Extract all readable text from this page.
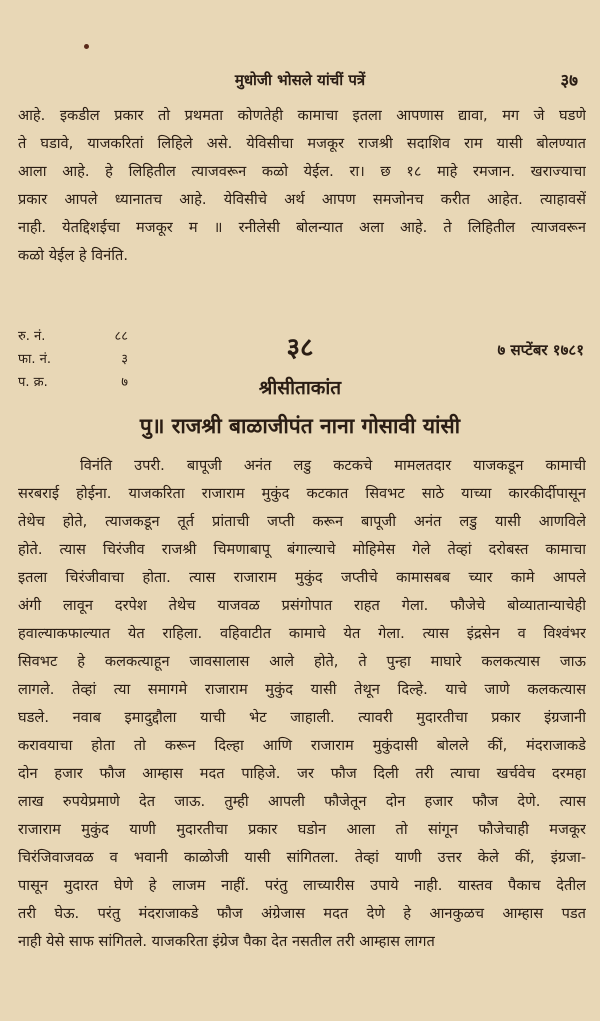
मुधोजी भोसले यांचीं पत्रें	३७
आहे. इकडील प्रकार तो प्रथमता कोणतेही कामाचा इतला आपणास द्यावा, मग जे घडणे
ते घडावे, याजकरितां लिहिले असे. येविसीचा मजकूर राजश्री सदाशिव राम यासी बोलण्यात
आला आहे. हे लिहितील त्याजवरून कळो येईल. रा। छ १८ माहे रमजान. खराज्याचा
प्रकार आपले ध्यानातच आहे. येविसीचे अर्थ आपण समजोनच करीत आहेत. त्याहावसें
नाही. येतद्दिशईचा मजकूर म ॥ रनीलेसी बोलन्यात अला आहे. ते लिहितील त्याजवरून
कळो येईल हे विनंति.
रु. नं.	८८
फा. नं.	३
प. क्र.	७
३८	७ सप्टेंबर १७८१
श्रीसीताकांत
पु॥ राजश्री बाळाजीपंत नाना गोसावी यांसी
विनंति उपरी. बापूजी अनंत लडु कटकचे मामलतदार याजकडून कामाची
सरबराई होईना. याजकरिता राजाराम मुकुंद कटकात सिवभट साठे याच्या कारकीर्दीपासून
तेथेच होते, त्याजकडून तूर्त प्रांताची जप्ती करून बापूजी अनंत लडु यासी आणविले
होते. त्यास चिरंजीव राजश्री चिमणाबापू बंगाल्याचे मोहिमेस गेले तेव्हां दरोबस्त कामाचा
इतला चिरंजीवाचा होता. त्यास राजाराम मुकुंद जप्तीचे कामासबब च्यार कामे आपले
अंगी लावून दरपेश तेथेच याजवळ प्रसंगोपात राहत गेला. फौजेचे बोव्यातान्याचेही
हवाल्याकफाल्यात येत राहिला. वहिवाटीत कामाचे येत गेला. त्यास इंद्रसेन व विश्वंभर
सिवभट हे कलकत्याहून जावसालास आले होते, ते पुन्हा माघारे कलकत्यास जाऊ
लागले. तेव्हां त्या समागमे राजाराम मुकुंद यासी तेथून दिल्हे. याचे जाणे कलकत्यास
घडले. नवाब इमादुद्दौला याची भेट जाहाली. त्यावरी मुदारतीचा प्रकार इंग्रजानी
करावयाचा होता तो करून दिल्हा आणि राजाराम मुकुंदासी बोलले कीं, मंदराजाकडे
दोन हजार फौज आम्हास मदत पाहिजे. जर फौज दिली तरी त्याचा खर्चवेच दरमहा
लाख रुपयेप्रमाणे देत जाऊ. तुम्ही आपली फौजेतून दोन हजार फौज देणे. त्यास
राजाराम मुकुंद याणी मुदारतीचा प्रकार घडोन आला तो सांगून फौजेचाही मजकूर
चिरंजिवाजवळ व भवानी काळोजी यासी सांगितला. तेव्हां याणी उत्तर केले कीं, इंग्रजा-
पासून मुदारत घेणे हे लाजम नाहीं. परंतु लाच्यारीस उपाये नाही. यास्तव पैकाच देतील
तरी घेऊ. परंतु मंदराजाकडे फौज अंग्रेजास मदत देणे हे आनकुळच आम्हास पडत
नाही येसे साफ सांगितले. याजकरिता इंग्रेज पैका देत नसतील तरी आम्हास लागत
